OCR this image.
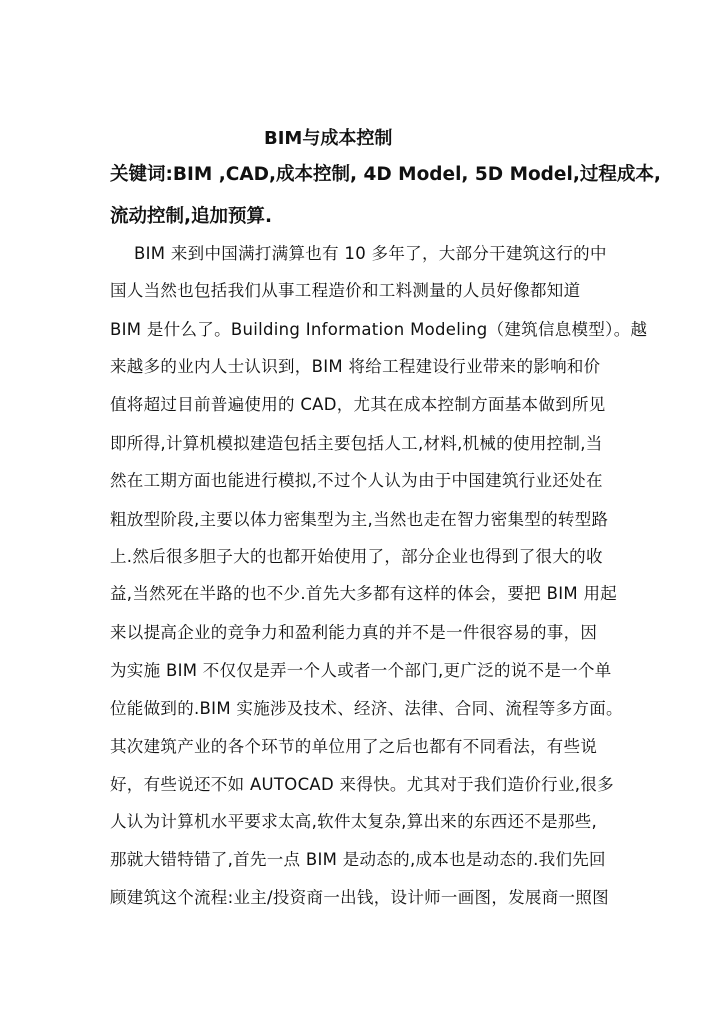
BIM与成本控制
关键词:BIM ,CAD,成本控制, 4D Model, 5D Model,过程成本,
流动控制,追加预算.
BIM 来到中国满打满算也有 10 多年了，大部分干建筑这行的中
国人当然也包括我们从事工程造价和工料测量的人员好像都知道
BIM 是什么了。Building Information Modeling（建筑信息模型）。越
来越多的业内人士认识到，BIM 将给工程建设行业带来的影响和价
值将超过目前普遍使用的 CAD，尤其在成本控制方面基本做到所见
即所得,计算机模拟建造包括主要包括人工,材料,机械的使用控制,当
然在工期方面也能进行模拟,不过个人认为由于中国建筑行业还处在
粗放型阶段,主要以体力密集型为主,当然也走在智力密集型的转型路
上.然后很多胆子大的也都开始使用了，部分企业也得到了很大的收
益,当然死在半路的也不少.首先大多都有这样的体会，要把 BIM 用起
来以提高企业的竞争力和盈利能力真的并不是一件很容易的事，因
为实施 BIM 不仅仅是弄一个人或者一个部门,更广泛的说不是一个单
位能做到的.BIM 实施涉及技术、经济、法律、合同、流程等多方面。
其次建筑产业的各个环节的单位用了之后也都有不同看法，有些说
好，有些说还不如 AUTOCAD 来得快。尤其对于我们造价行业,很多
人认为计算机水平要求太高,软件太复杂,算出来的东西还不是那些,
那就大错特错了,首先一点 BIM 是动态的,成本也是动态的.我们先回
顾建筑这个流程:业主/投资商一出钱，设计师一画图，发展商一照图
